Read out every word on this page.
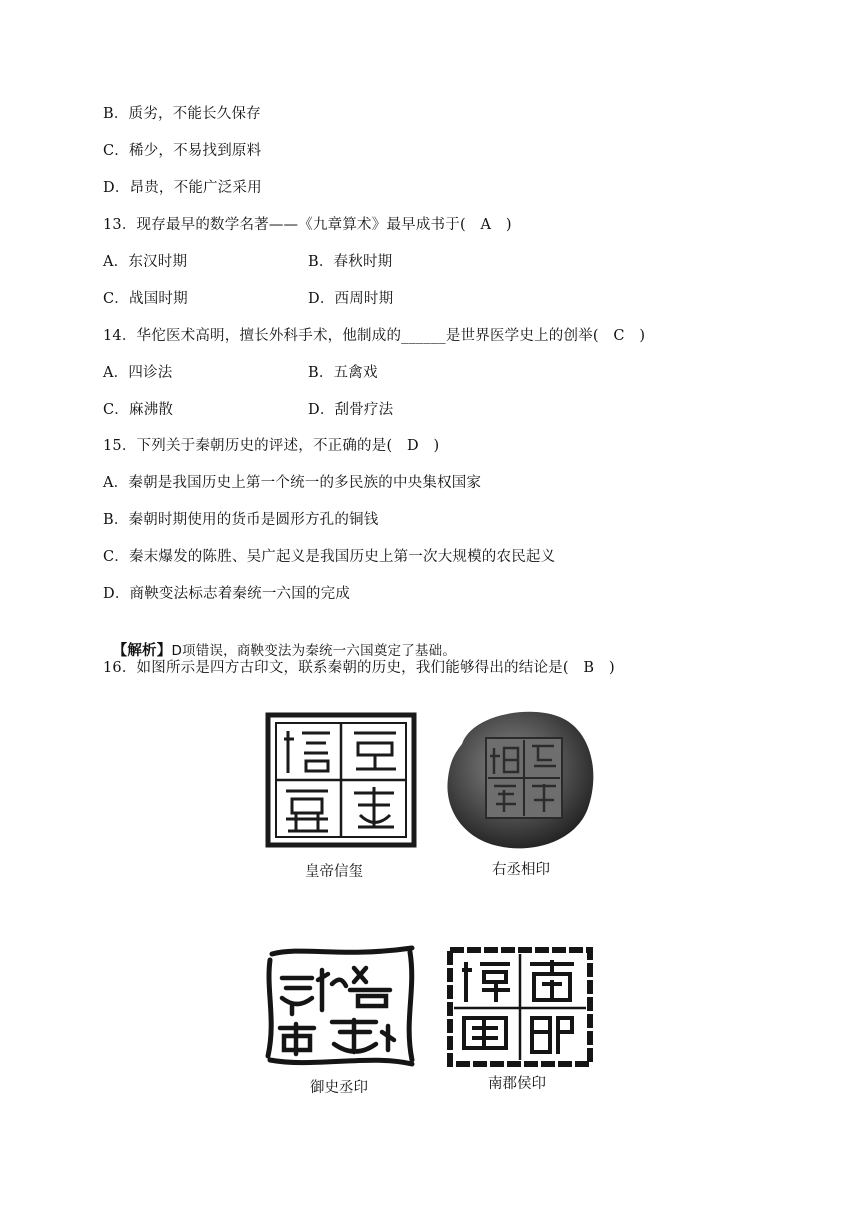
B．质劣，不能长久保存
C．稀少，不易找到原料
D．昂贵，不能广泛采用
13．现存最早的数学名著——《九章算术》最早成书于(　A　)
A．东汉时期	B．春秋时期
C．战国时期	D．西周时期
14．华佗医术高明，擅长外科手术，他制成的______是世界医学史上的创举(　C　)
A．四诊法	B．五禽戏
C．麻沸散	D．刮骨疗法
15．下列关于秦朝历史的评述，不正确的是(　D　)
A．秦朝是我国历史上第一个统一的多民族的中央集权国家
B．秦朝时期使用的货币是圆形方孔的铜钱
C．秦末爆发的陈胜、吴广起义是我国历史上第一次大规模的农民起义
D．商鞅变法标志着秦统一六国的完成

【解析】D项错误，商鞅变法为秦统一六国奠定了基础。

16．如图所示是四方古印文，联系秦朝的历史，我们能够得出的结论是(　B　)
皇帝信玺	右丞相印
御史丞印	南郡侯印
